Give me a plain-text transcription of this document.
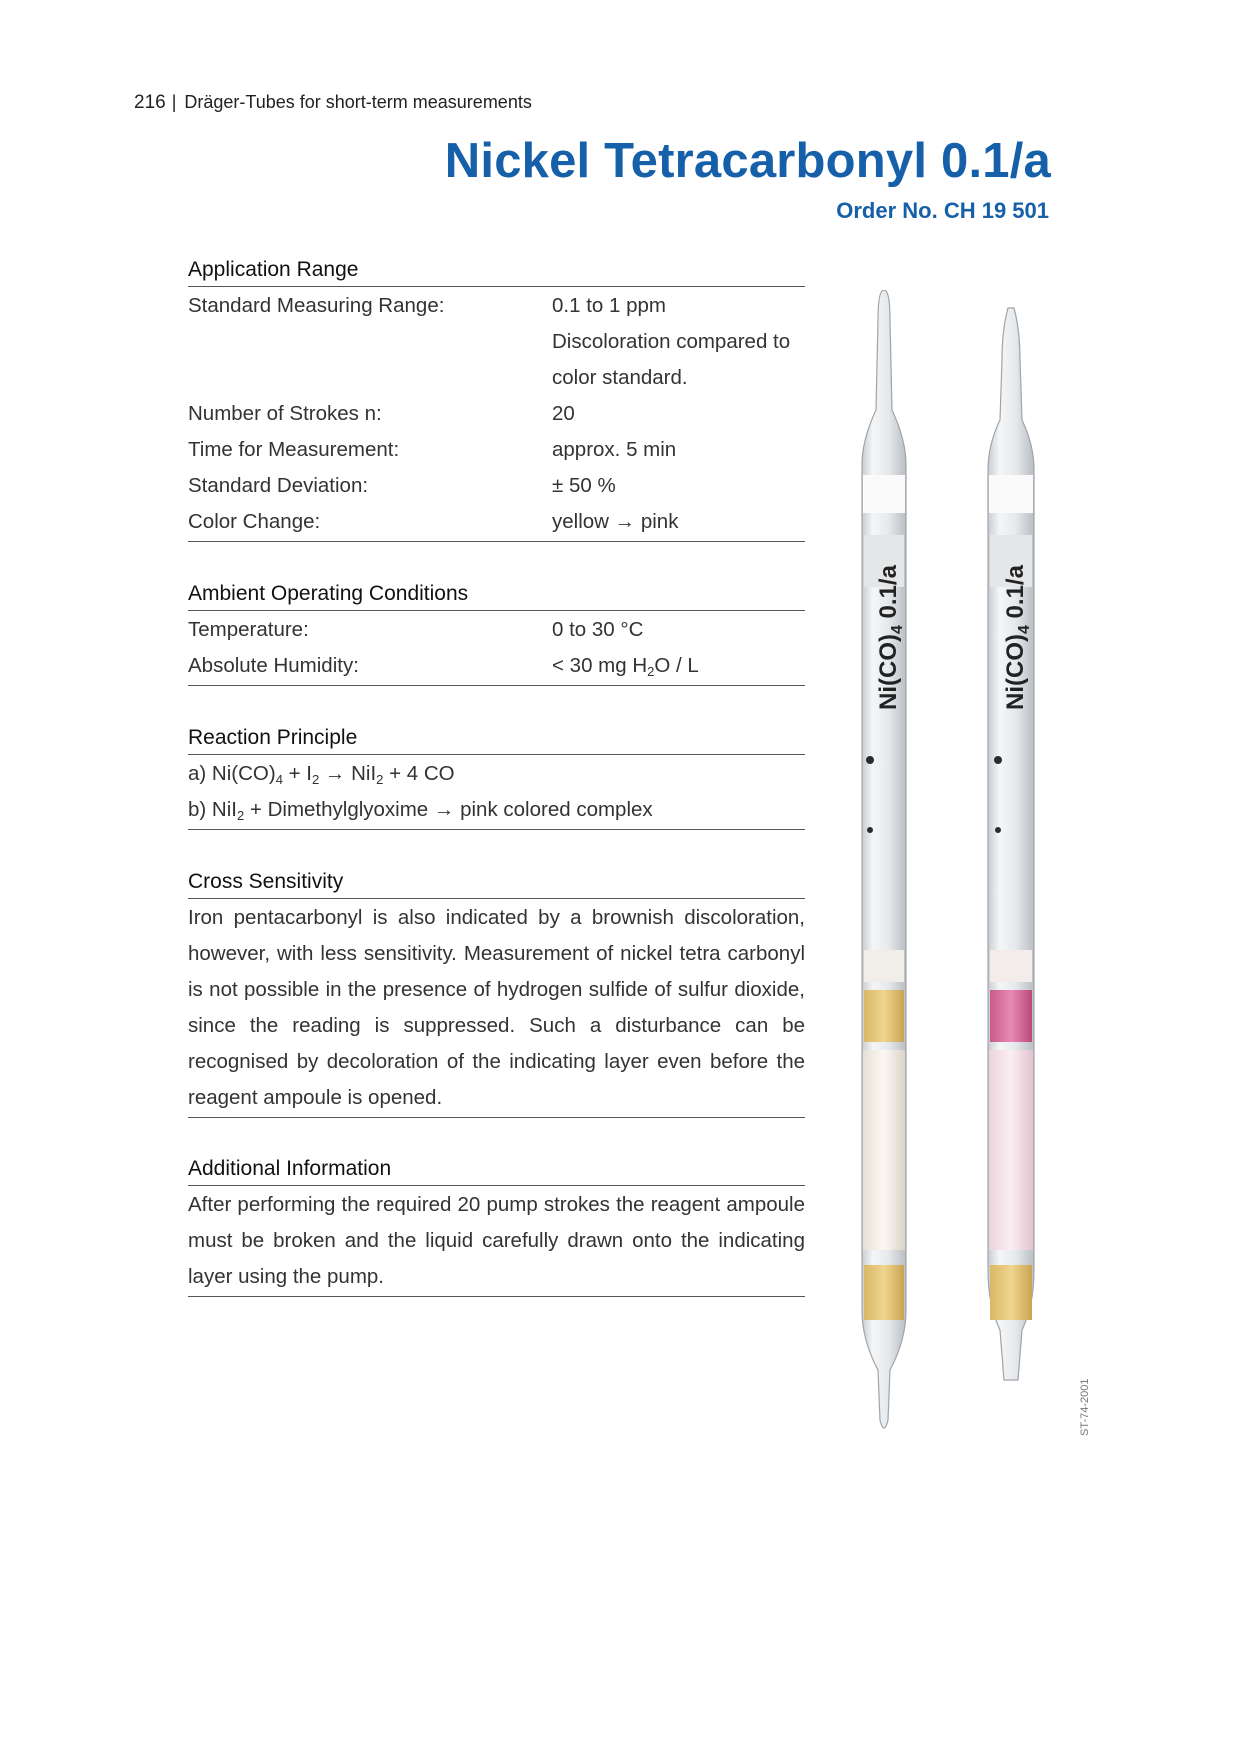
216 | Dräger-Tubes for short-term measurements
Nickel Tetracarbonyl 0.1/a
Order No. CH 19 501
Application Range
Standard Measuring Range:	0.1 to 1 ppm
Discoloration compared to
color standard.
Number of Strokes n:	20
Time for Measurement:	approx. 5 min
Standard Deviation:	± 50 %
Color Change:	yellow → pink
Ambient Operating Conditions
Temperature:	0 to 30 °C
Absolute Humidity:	< 30 mg $H_2O$ / L
Reaction Principle
a) $Ni(CO)_4 + I_2 \to NiI_2 + 4$ CO
b) NiI$_2$ + Dimethylglyoxime → pink colored complex
Cross Sensitivity
Iron pentacarbonyl is also indicated by a brownish discoloration, however, with less sensitivity. Measurement of nickel tetra carbonyl is not possible in the presence of hydrogen sulfide of sulfur dioxide, since the reading is suppressed. Such a disturbance can be recognised by decoloration of the indicating layer even before the reagent ampoule is opened.
Additional Information
After performing the required 20 pump strokes the reagent ampoule must be broken and the liquid carefully drawn onto the indicating layer using the pump.
$Ni(CO)_4$ 0.1/a
$Ni(CO)_4$ 0.1/a
ST-74-2001
